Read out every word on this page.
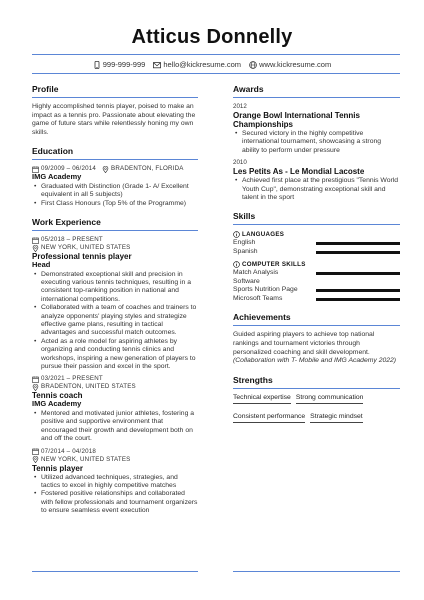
Atticus Donnelly
999-999-999
hello@kickresume.com
www.kickresume.com
Profile
Highly accomplished tennis player, poised to make an impact as a tennis pro. Passionate about elevating the game of future stars while relentlessly honing my own skills.
Education
09/2009 – 06/2014 BRADENTON, FLORIDA
IMG Academy
• Graduated with Distinction (Grade 1- A/ Excellent equivalent in all 5 subjects)
• First Class Honours (Top 5% of the Programme)
Work Experience
05/2018 – PRESENT
NEW YORK, UNITED STATES
Professional tennis player
Head
• Demonstrated exceptional skill and precision in executing various tennis techniques, resulting in a consistent top-ranking position in national and international competitions.
• Collaborated with a team of coaches and trainers to analyze opponents' playing styles and strategize effective game plans, resulting in tactical advantages and successful match outcomes.
• Acted as a role model for aspiring athletes by organizing and conducting tennis clinics and workshops, inspiring a new generation of players to pursue their passion and excel in the sport.
03/2021 – PRESENT
BRADENTON, UNITED STATES
Tennis coach
IMG Academy
• Mentored and motivated junior athletes, fostering a positive and supportive environment that encouraged their growth and development both on and off the court.
07/2014 – 04/2018
NEW YORK, UNITED STATES
Tennis player
• Utilized advanced techniques, strategies, and tactics to excel in highly competitive matches
• Fostered positive relationships and collaborated with fellow professionals and tournament organizers to ensure seamless event execution
Awards
2012
Orange Bowl International Tennis Championships
• Secured victory in the highly competitive international tournament, showcasing a strong ability to perform under pressure
2010
Les Petits As - Le Mondial Lacoste
• Achieved first place at the prestigious "Tennis World Youth Cup", demonstrating exceptional skill and talent in the sport
Skills
LANGUAGES
English
Spanish
COMPUTER SKILLS
Match Analysis Software
Sports Nutrition Page
Microsoft Teams
Achievements
Guided aspiring players to achieve top national rankings and tournament victories through personalized coaching and skill development. (Collaboration with T- Mobile and IMG Academy 2022)
Strengths
Technical expertise Strong communication
Consistent performance Strategic mindset
